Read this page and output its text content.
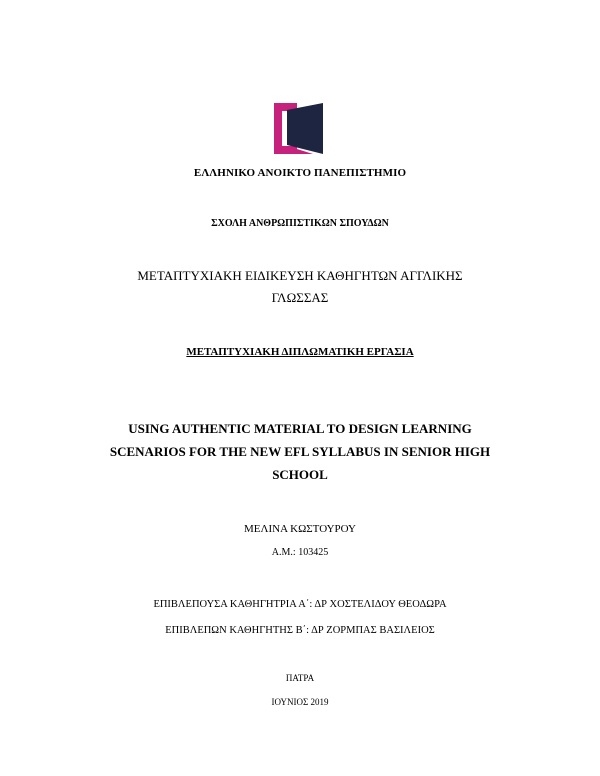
ΕΛΛΗΝΙΚΟ ΑΝΟΙΚΤΟ ΠΑΝΕΠΙΣΤΗΜΙΟ
ΣΧΟΛΗ ΑΝΘΡΩΠΙΣΤΙΚΩΝ ΣΠΟΥΔΩΝ
ΜΕΤΑΠΤΥΧΙΑΚΗ ΕΙΔΙΚΕΥΣΗ ΚΑΘΗΓΗΤΩΝ ΑΓΓΛΙΚΗΣ
ΓΛΩΣΣΑΣ
ΜΕΤΑΠΤΥΧΙΑΚΗ ΔΙΠΛΩΜΑΤΙΚΗ ΕΡΓΑΣΙΑ
USING AUTHENTIC MATERIAL TO DESIGN LEARNING
SCENARIOS FOR THE NEW EFL SYLLABUS IN SENIOR HIGH
SCHOOL
ΜΕΛΙΝΑ ΚΩΣΤΟΥΡΟΥ
Α.Μ.: 103425
ΕΠΙΒΛΕΠΟΥΣΑ ΚΑΘΗΓΗΤΡΙΑ Α΄: ΔΡ ΧΟΣΤΕΛΙΔΟΥ ΘΕΟΔΩΡΑ
ΕΠΙΒΛΕΠΩΝ ΚΑΘΗΓΗΤΗΣ Β΄: ΔΡ ΖΟΡΜΠΑΣ ΒΑΣΙΛΕΙΟΣ
ΠΑΤΡΑ
ΙΟΥΝΙΟΣ 2019
